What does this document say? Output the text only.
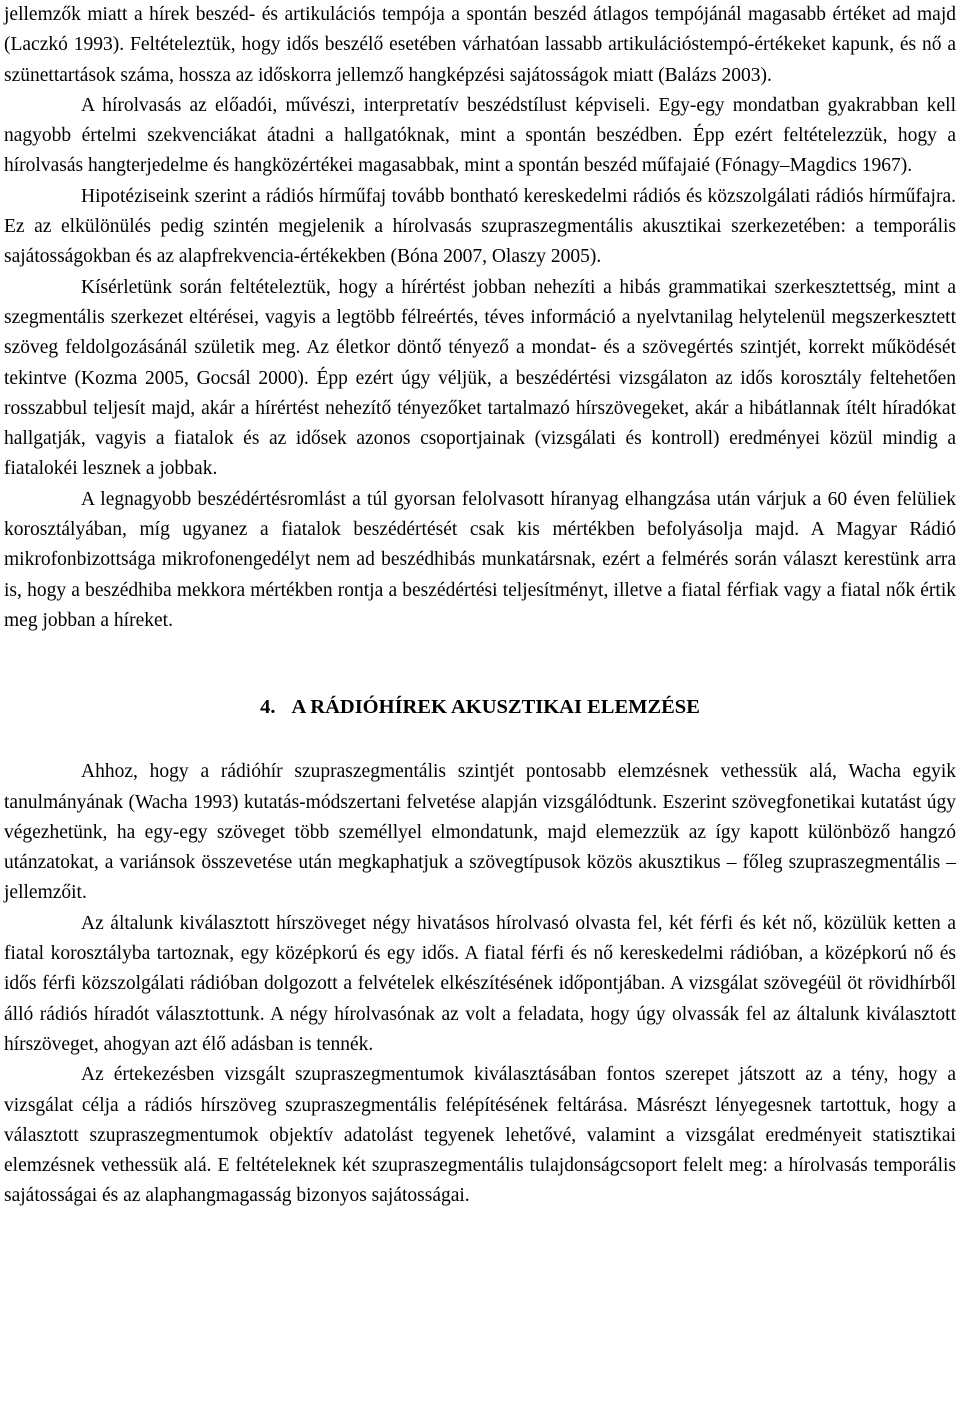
jellemzők miatt a hírek beszéd- és artikulációs tempója a spontán beszéd átlagos tempójánál magasabb értéket ad majd (Laczkó 1993). Feltételeztük, hogy idős beszélő esetében várhatóan lassabb artikulációstempó-értékeket kapunk, és nő a szünettartások száma, hossza az időskorra jellemző hangképzési sajátosságok miatt (Balázs 2003).

A hírolvasás az előadói, művészi, interpretatív beszédstílust képviseli. Egy-egy mondatban gyakrabban kell nagyobb értelmi szekvenciákat átadni a hallgatóknak, mint a spontán beszédben. Épp ezért feltételezzük, hogy a hírolvasás hangterjedelme és hangközértékei magasabbak, mint a spontán beszéd műfajaié (Fónagy–Magdics 1967).

Hipotéziseink szerint a rádiós hírműfaj tovább bontható kereskedelmi rádiós és közszolgálati rádiós hírműfajra. Ez az elkülönülés pedig szintén megjelenik a hírolvasás szupraszegmentális akusztikai szerkezetében: a temporális sajátosságokban és az alapfrekvencia-értékekben (Bóna 2007, Olaszy 2005).

Kísérletünk során feltételeztük, hogy a hírértést jobban nehezíti a hibás grammatikai szerkesztettség, mint a szegmentális szerkezet eltérései, vagyis a legtöbb félreértés, téves információ a nyelvtanilag helytelenül megszerkesztett szöveg feldolgozásánál születik meg. Az életkor döntő tényező a mondat- és a szövegértés szintjét, korrekt működését tekintve (Kozma 2005, Gocsál 2000). Épp ezért úgy véljük, a beszédértési vizsgálaton az idős korosztály feltehetően rosszabbul teljesít majd, akár a hírértést nehezítő tényezőket tartalmazó hírszövegeket, akár a hibátlannak ítélt híradókat hallgatják, vagyis a fiatalok és az idősek azonos csoportjainak (vizsgálati és kontroll) eredményei közül mindig a fiatalokéi lesznek a jobbak.

A legnagyobb beszédértésromlást a túl gyorsan felolvasott híranyag elhangzása után várjuk a 60 éven felüliek korosztályában, míg ugyanez a fiatalok beszédértését csak kis mértékben befolyásolja majd. A Magyar Rádió mikrofonbizottsága mikrofonengedélyt nem ad beszédhibás munkatársnak, ezért a felmérés során választ kerestünk arra is, hogy a beszédhiba mekkora mértékben rontja a beszédértési teljesítményt, illetve a fiatal férfiak vagy a fiatal nők értik meg jobban a híreket.

4. A RÁDIÓHÍREK AKUSZTIKAI ELEMZÉSE

Ahhoz, hogy a rádióhír szupraszegmentális szintjét pontosabb elemzésnek vethessük alá, Wacha egyik tanulmányának (Wacha 1993) kutatás-módszertani felvetése alapján vizsgálódtunk. Eszerint szövegfonetikai kutatást úgy végezhetünk, ha egy-egy szöveget több személlyel elmondatunk, majd elemezzük az így kapott különböző hangzó utánzatokat, a variánsok összevetése után megkaphatjuk a szövegtípusok közös akusztikus – főleg szupraszegmentális – jellemzőit.

Az általunk kiválasztott hírszöveget négy hivatásos hírolvasó olvasta fel, két férfi és két nő, közülük ketten a fiatal korosztályba tartoznak, egy középkorú és egy idős. A fiatal férfi és nő kereskedelmi rádióban, a középkorú nő és idős férfi közszolgálati rádióban dolgozott a felvételek elkészítésének időpontjában. A vizsgálat szövegéül öt rövidhírből álló rádiós híradót választottunk. A négy hírolvasónak az volt a feladata, hogy úgy olvassák fel az általunk kiválasztott hírszöveget, ahogyan azt élő adásban is tennék.

Az értekezésben vizsgált szupraszegmentumok kiválasztásában fontos szerepet játszott az a tény, hogy a vizsgálat célja a rádiós hírszöveg szupraszegmentális felépítésének feltárása. Másrészt lényegesnek tartottuk, hogy a választott szupraszegmentumok objektív adatolást tegyenek lehetővé, valamint a vizsgálat eredményeit statisztikai elemzésnek vethessük alá. E feltételeknek két szupraszegmentális tulajdonságcsoport felelt meg: a hírolvasás temporális sajátosságai és az alaphangmagasság bizonyos sajátosságai.
